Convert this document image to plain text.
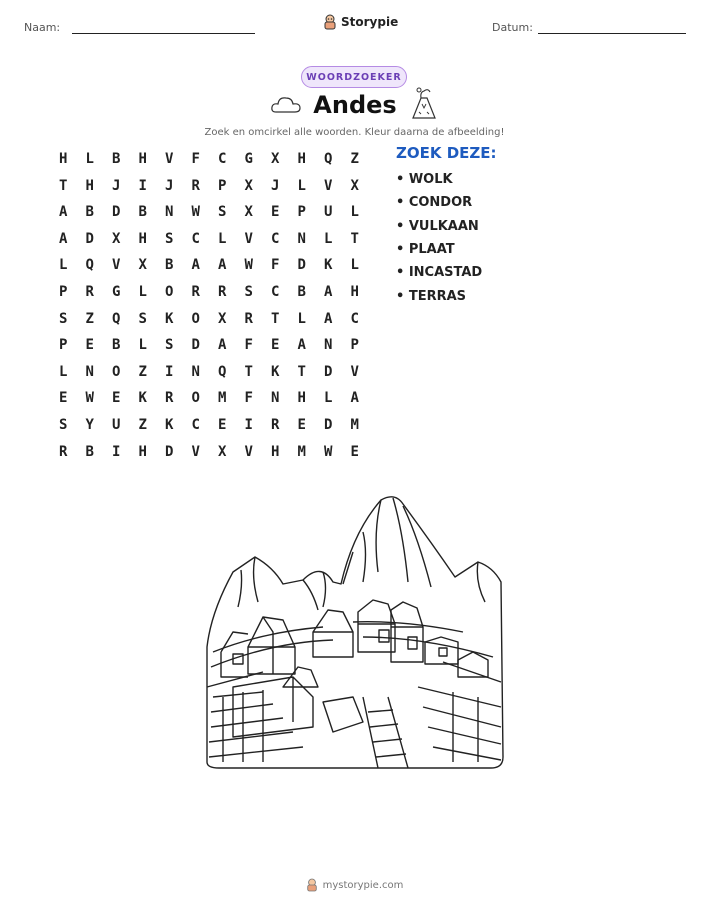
Naam:	Storypie	Datum:
WOORDZOEKER
Andes
Zoek en omcirkel alle woorden. Kleur daarna de afbeelding!
H	L	B	H	V	F	C	G	X	H	Q	Z
T	H	J	I	J	R	P	X	J	L	V	X
A	B	D	B	N	W	S	X	E	P	U	L
A	D	X	H	S	C	L	V	C	N	L	T
L	Q	V	X	B	A	A	W	F	D	K	L
P	R	G	L	O	R	R	S	C	B	A	H
S	Z	Q	S	K	O	X	R	T	L	A	C
P	E	B	L	S	D	A	F	E	A	N	P
L	N	O	Z	I	N	Q	T	K	T	D	V
E	W	E	K	R	O	M	F	N	H	L	A
S	Y	U	Z	K	C	E	I	R	E	D	M
R	B	I	H	D	V	X	V	H	M	W	E
ZOEK DEZE:
• WOLK
• CONDOR
• VULKAAN
• PLAAT
• INCASTAD
• TERRAS
mystorypie.com
